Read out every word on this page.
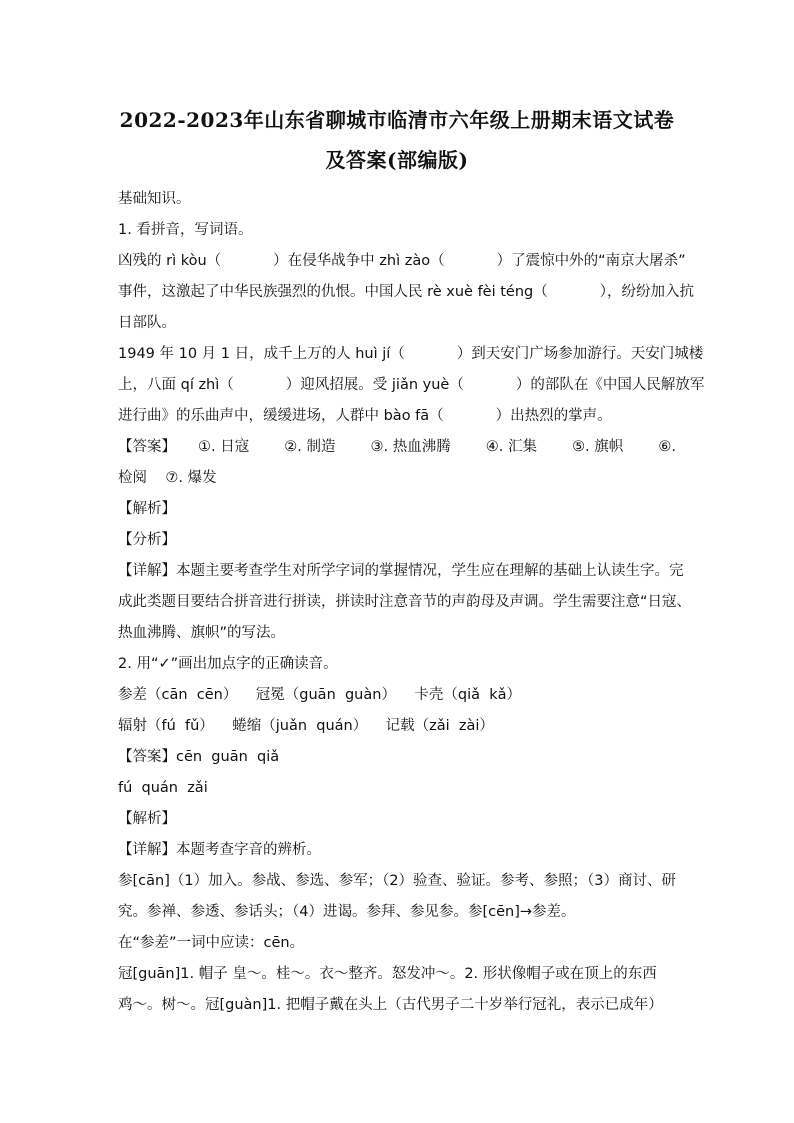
2022-2023年山东省聊城市临清市六年级上册期末语文试卷
及答案(部编版)
基础知识。
1. 看拼音，写词语。
凶残的 rì kòu（	）在侵华战争中 zhì zào（	）了震惊中外的“南京大屠杀”
事件，这激起了中华民族强烈的仇恨。中国人民 rè xuè fèi téng（	），纷纷加入抗
日部队。
1949 年 10 月 1 日，成千上万的人 huì jí（	）到天安门广场参加游行。天安门城楼
上，八面 qí zhì（	）迎风招展。受 jiǎn yuè（	）的部队在《中国人民解放军
进行曲》的乐曲声中，缓缓进场，人群中 bào fā（	）出热烈的掌声。
【答案】	①. 日寇 ②. 制造 ③. 热血沸腾 ④. 汇集 ⑤. 旗帜 ⑥.
检阅    ⑦. 爆发
【解析】
【分析】
【详解】本题主要考查学生对所学字词的掌握情况，学生应在理解的基础上认读生字。完
成此类题目要结合拼音进行拼读，拼读时注意音节的声韵母及声调。学生需要注意“日寇、
热血沸腾、旗帜”的写法。
2. 用“✓”画出加点字的正确读音。
参差（cān  cēn）    冠冕（guān  guàn）    卡壳（qiǎ  kǎ）
辐射（fú  fǔ）    蜷缩（juǎn  quán）    记载（zǎi  zài）
【答案】cēn  guān  qiǎ
fú  quán  zǎi
【解析】
【详解】本题考查字音的辨析。
参[cān]（1）加入。参战、参选、参军；（2）验查、验证。参考、参照；（3）商讨、研
究。参禅、参透、参话头；（4）进谒。参拜、参见参。参[cēn]→参差。
在“参差”一词中应读：cēn。
冠[guān]1. 帽子 皇～。桂～。衣～整齐。怒发冲～。2. 形状像帽子或在顶上的东西
鸡～。树～。冠[guàn]1. 把帽子戴在头上（古代男子二十岁举行冠礼，表示已成年）
